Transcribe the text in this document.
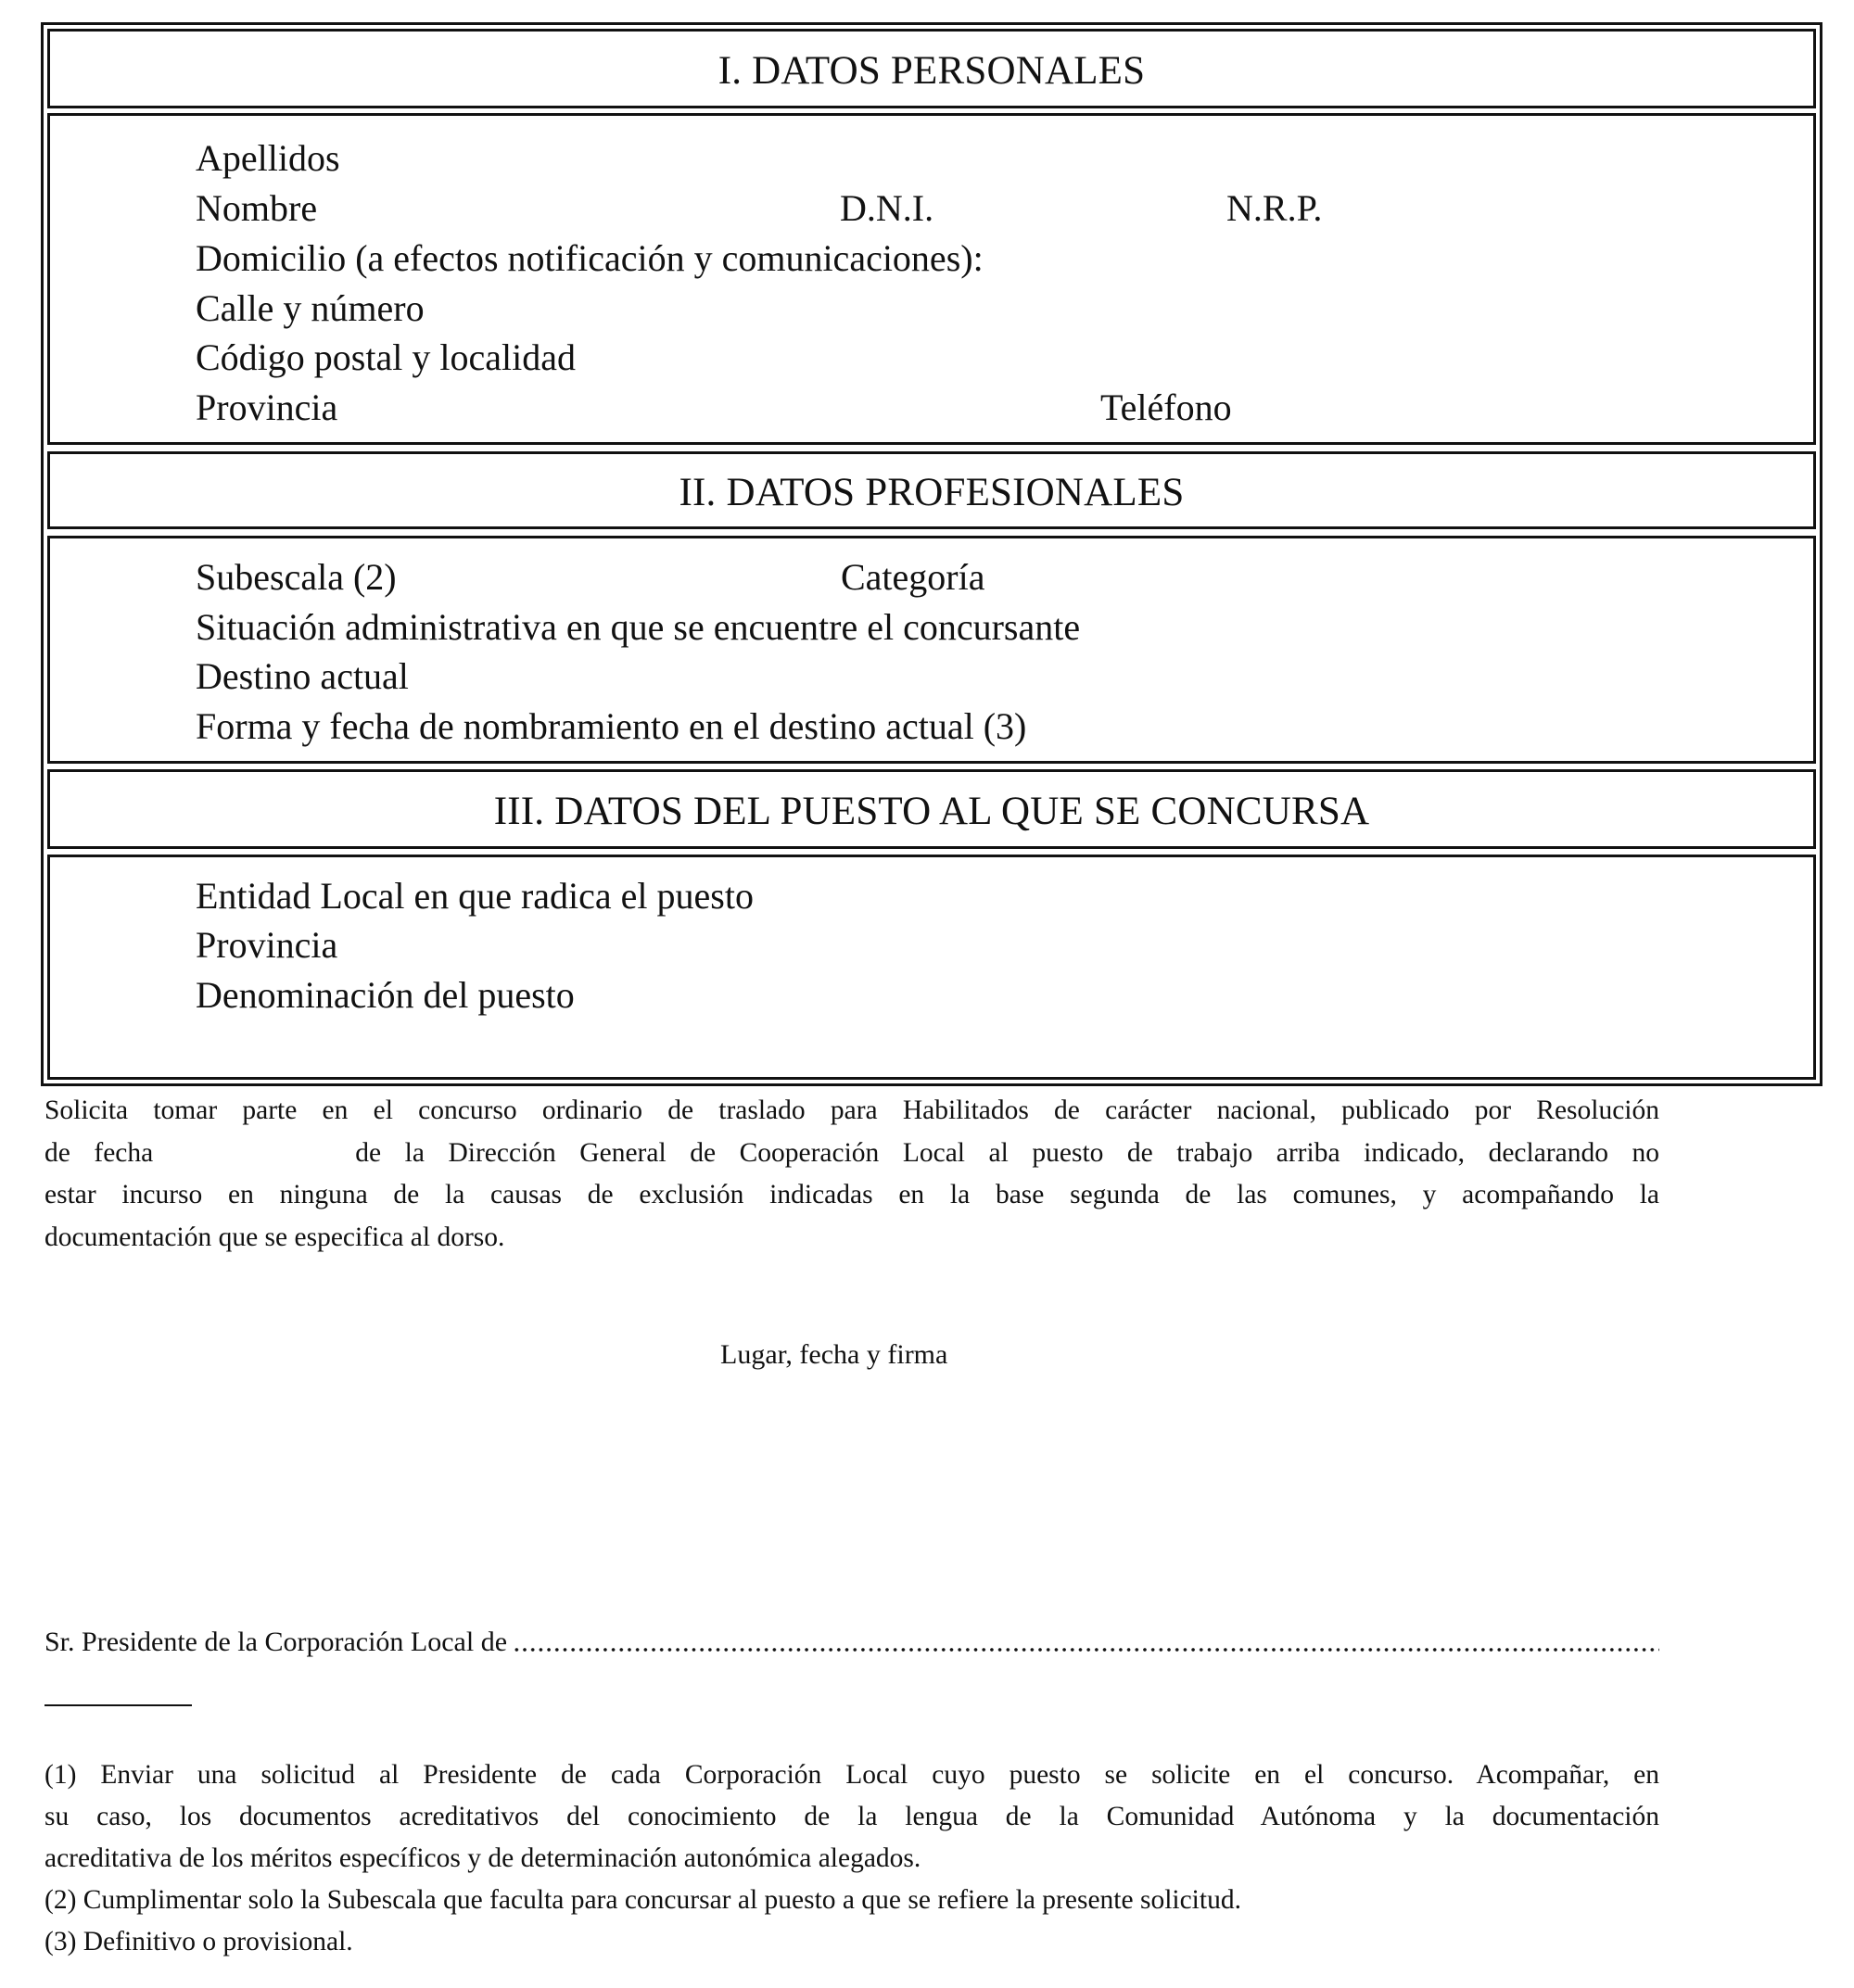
I. DATOS PERSONALES
Apellidos
Nombre	D.N.I.	N.R.P.
Domicilio (a efectos notificación y comunicaciones):
Calle y número
Código postal y localidad
Provincia	Teléfono
II. DATOS PROFESIONALES
Subescala (2)	Categoría
Situación administrativa en que se encuentre el concursante
Destino actual
Forma y fecha de nombramiento en el destino actual (3)
III. DATOS DEL PUESTO AL QUE SE CONCURSA
Entidad Local en que radica el puesto
Provincia
Denominación del puesto
Solicita tomar parte en el concurso ordinario de traslado para Habilitados de carácter nacional, publicado por Resolución
de fecha	de la Dirección General de Cooperación Local al puesto de trabajo arriba indicado, declarando no
estar incurso en ninguna de la causas de exclusión indicadas en la base segunda de las comunes, y acompañando la
documentación que se especifica al dorso.
Lugar, fecha y firma
Sr. Presidente de la Corporación Local de
(1) Enviar una solicitud al Presidente de cada Corporación Local cuyo puesto se solicite en el concurso. Acompañar, en
su caso, los documentos acreditativos del conocimiento de la lengua de la Comunidad Autónoma y la documentación
acreditativa de los méritos específicos y de determinación autonómica alegados.
(2) Cumplimentar solo la Subescala que faculta para concursar al puesto a que se refiere la presente solicitud.
(3) Definitivo o provisional.
